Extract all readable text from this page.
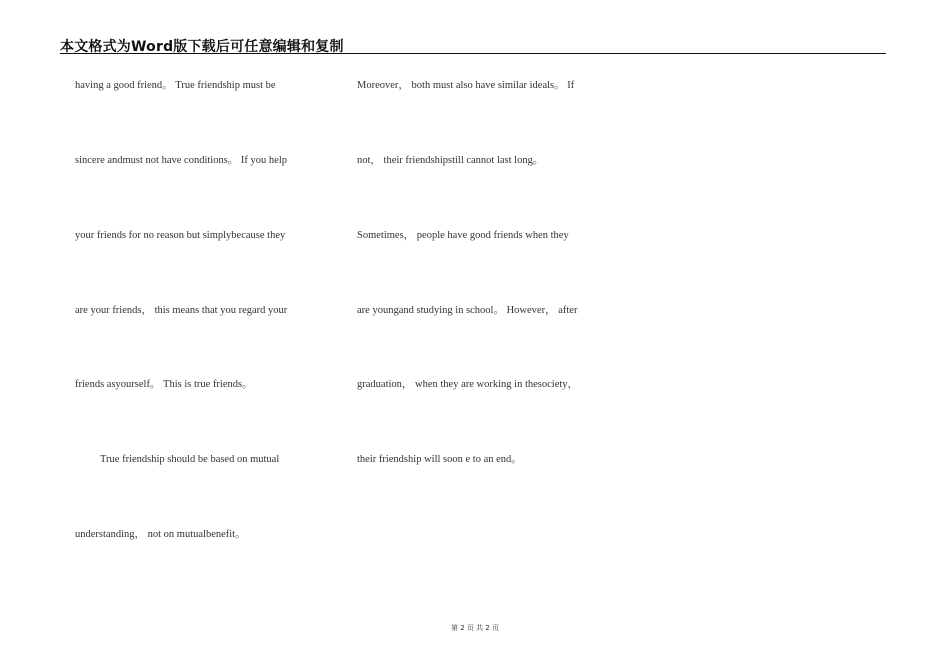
本文格式为Word版下载后可任意编辑和复制
having a good friend。 True friendship must be
sincere andmust not have conditions。 If you help
your friends for no reason but simplybecause they
are your friends， this means that you regard your
friends asyourself。 This is true friends。
True friendship should be based on mutual
understanding， not on mutualbenefit。
Moreover， both must also have similar ideals。 If
not， their friendshipstill cannot last long。
Sometimes， people have good friends when they
are youngand studying in school。 However， after
graduation， when they are working in thesociety，
their friendship will soon e to an end。
第 2 页 共 2 页
